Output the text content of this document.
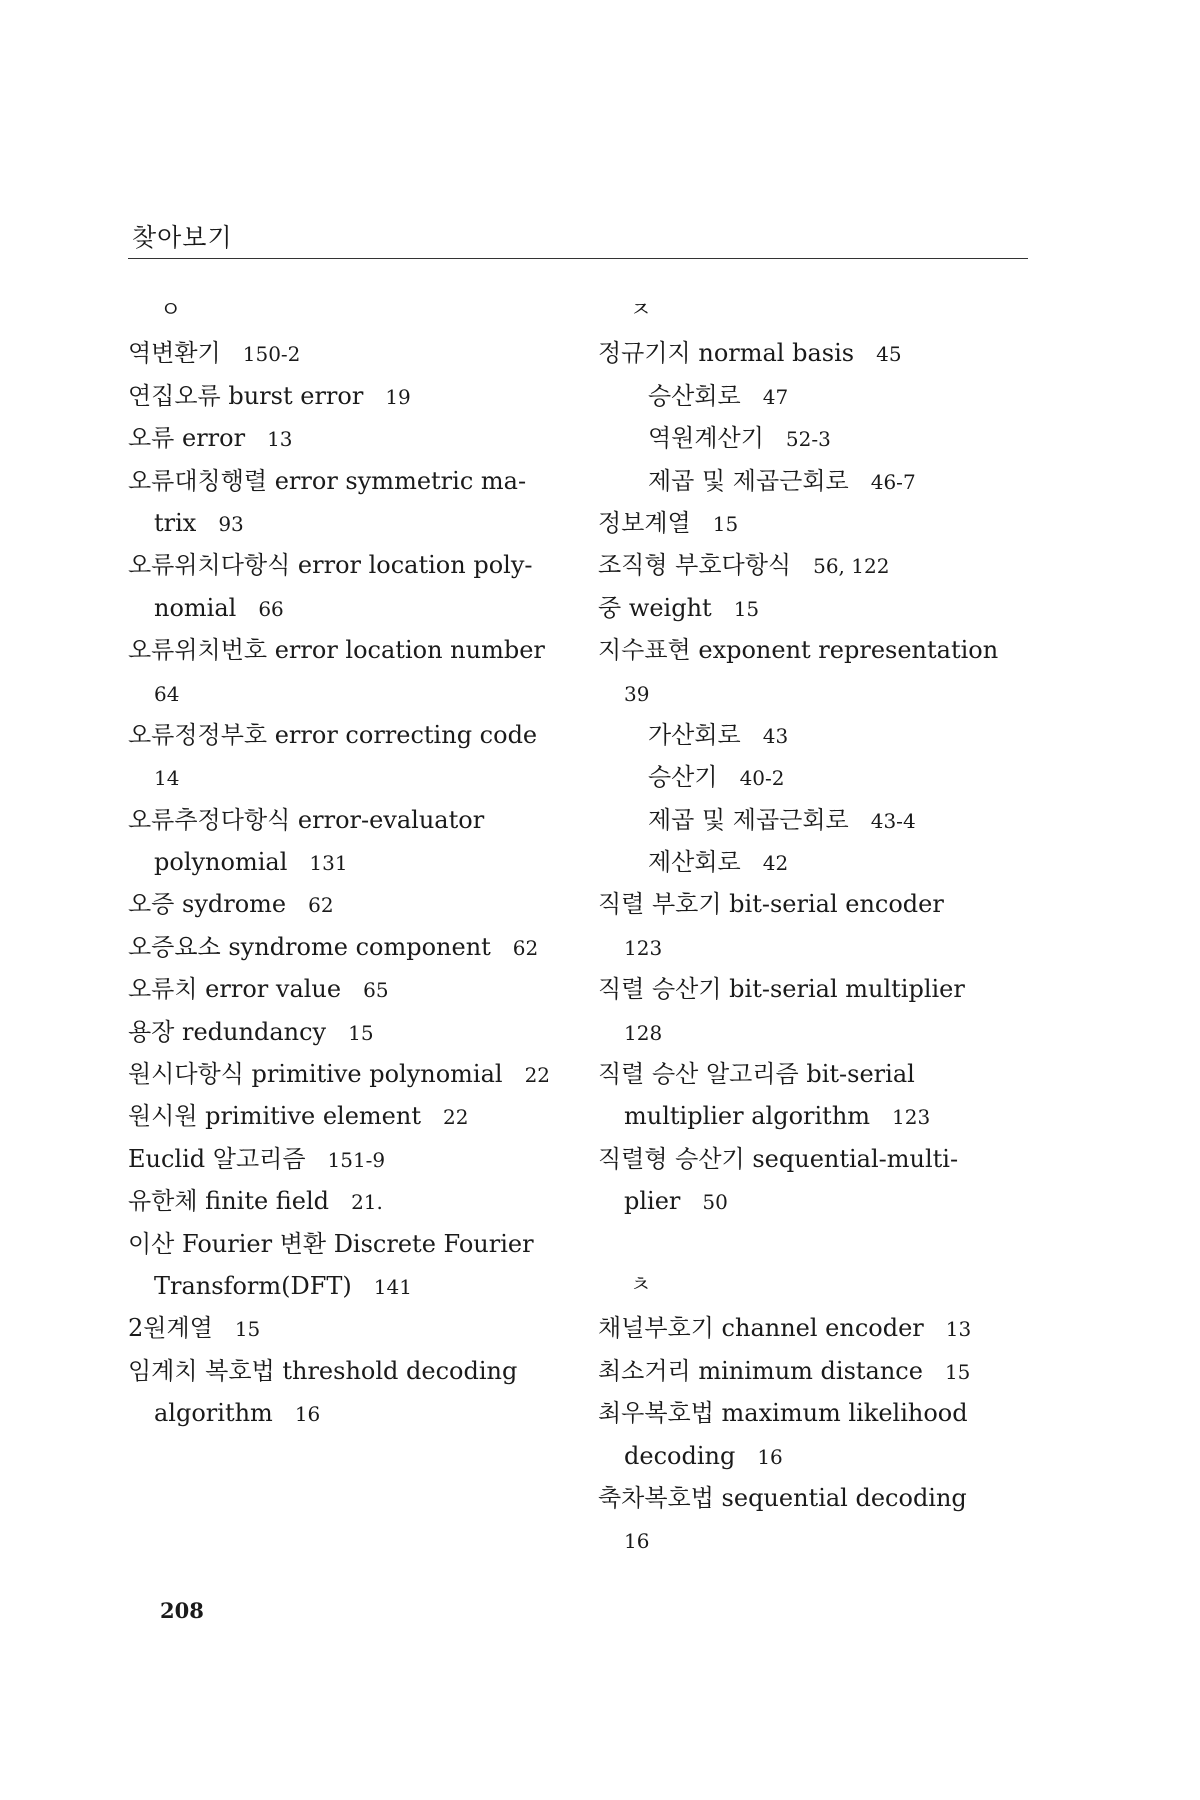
찾아보기
ㅇ
역변환기 150-2
연집오류 burst error 19
오류 error 13
오류대칭행렬 error symmetric ma-
trix 93
오류위치다항식 error location poly-
nomial 66
오류위치번호 error location number
64
오류정정부호 error correcting code
14
오류추정다항식 error-evaluator
polynomial 131
오증 sydrome 62
오증요소 syndrome component 62
오류치 error value 65
용장 redundancy 15
원시다항식 primitive polynomial 22
원시원 primitive element 22
Euclid 알고리즘 151-9
유한체 finite field 21.
이산 Fourier 변환 Discrete Fourier
Transform(DFT) 141
2원계열 15
임계치 복호법 threshold decoding
algorithm 16
ㅈ
정규기지 normal basis 45
승산회로 47
역원계산기 52-3
제곱 및 제곱근회로 46-7
정보계열 15
조직형 부호다항식 56, 122
중 weight 15
지수표현 exponent representation
39
가산회로 43
승산기 40-2
제곱 및 제곱근회로 43-4
제산회로 42
직렬 부호기 bit-serial encoder
123
직렬 승산기 bit-serial multiplier
128
직렬 승산 알고리즘 bit-serial
multiplier algorithm 123
직렬형 승산기 sequential-multi-
plier 50
ㅊ
채널부호기 channel encoder 13
최소거리 minimum distance 15
최우복호법 maximum likelihood
decoding 16
축차복호법 sequential decoding
16
208
